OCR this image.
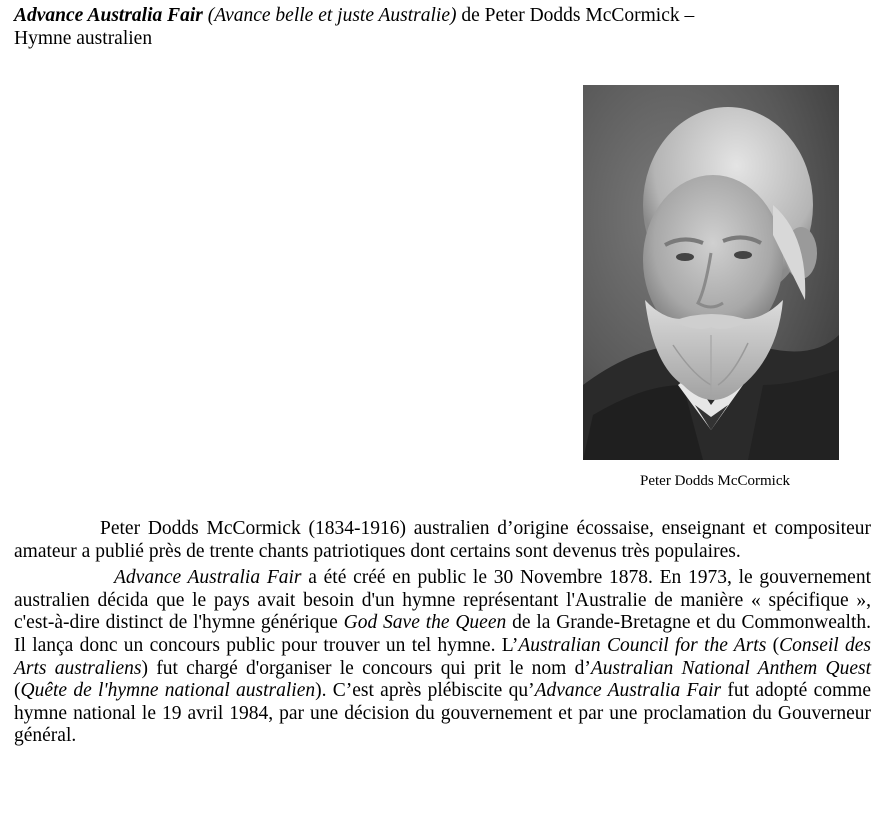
Advance Australia Fair (Avance belle et juste Australie) de Peter Dodds McCormick –
Hymne australien
Peter Dodds McCormick

Peter Dodds McCormick (1834-1916) australien d’origine écossaise, enseignant et compositeur amateur a publié près de trente chants patriotiques dont certains sont devenus très populaires.

Advance Australia Fair a été créé en public le 30 Novembre 1878. En 1973, le gouvernement australien décida que le pays avait besoin d'un hymne représentant l'Australie de manière « spécifique », c'est-à-dire distinct de l'hymne générique God Save the Queen de la Grande-Bretagne et du Commonwealth. Il lança donc un concours public pour trouver un tel hymne. L’Australian Council for the Arts (Conseil des Arts australiens) fut chargé d'organiser le concours qui prit le nom d’Australian National Anthem Quest (Quête de l'hymne national australien). C’est après plébiscite qu’Advance Australia Fair fut adopté comme hymne national le 19 avril 1984, par une décision du gouvernement et par une proclamation du Gouverneur général.
